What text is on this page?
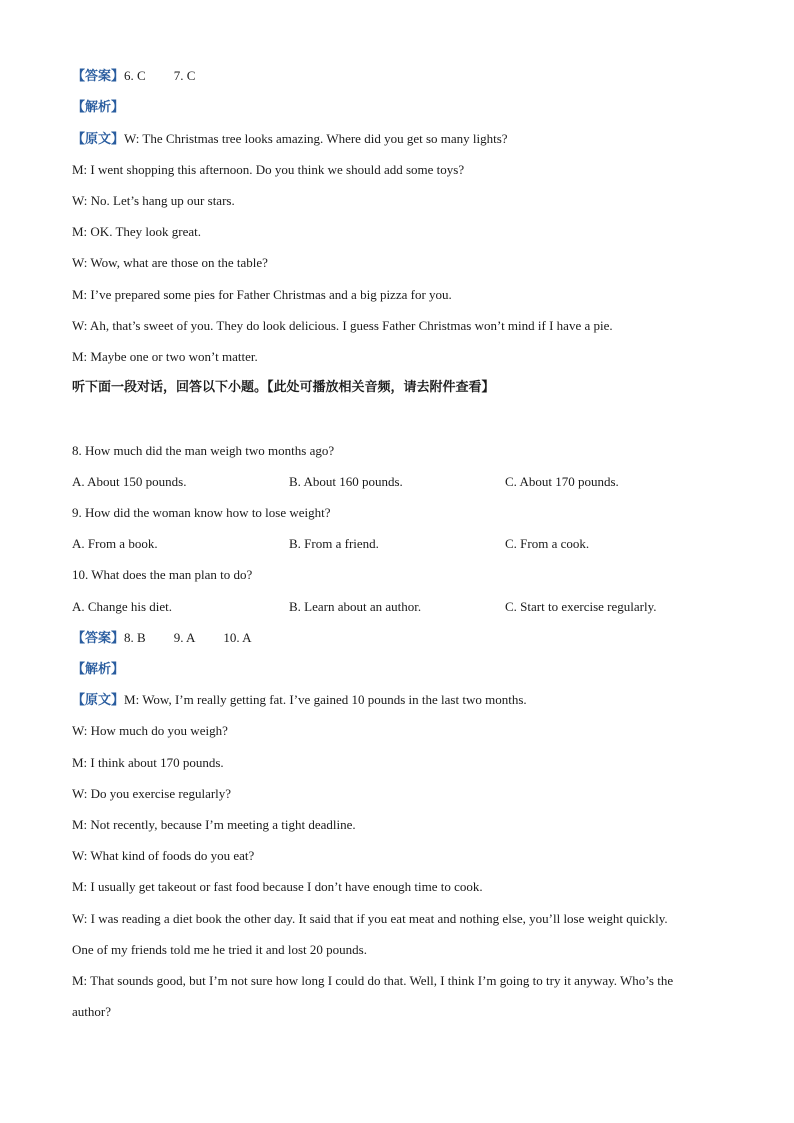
【答案】6. C 7. C
【解析】
【原文】W: The Christmas tree looks amazing. Where did you get so many lights?
M: I went shopping this afternoon. Do you think we should add some toys?
W: No. Let’s hang up our stars.
M: OK. They look great.
W: Wow, what are those on the table?
M: I’ve prepared some pies for Father Christmas and a big pizza for you.
W: Ah, that’s sweet of you. They do look delicious. I guess Father Christmas won’t mind if I have a pie.
M: Maybe one or two won’t matter.
听下面一段对话，回答以下小题。【此处可播放相关音频，请去附件查看】
8. How much did the man weigh two months ago?
A. About 150 pounds.	B. About 160 pounds.	C. About 170 pounds.
9. How did the woman know how to lose weight?
A. From a book.	B. From a friend.	C. From a cook.
10. What does the man plan to do?
A. Change his diet.	B. Learn about an author.	C. Start to exercise regularly.
【答案】8. B 9. A 10. A
【解析】
【原文】M: Wow, I’m really getting fat. I’ve gained 10 pounds in the last two months.
W: How much do you weigh?
M: I think about 170 pounds.
W: Do you exercise regularly?
M: Not recently, because I’m meeting a tight deadline.
W: What kind of foods do you eat?
M: I usually get takeout or fast food because I don’t have enough time to cook.
W: I was reading a diet book the other day. It said that if you eat meat and nothing else, you’ll lose weight quickly.
One of my friends told me he tried it and lost 20 pounds.
M: That sounds good, but I’m not sure how long I could do that. Well, I think I’m going to try it anyway. Who’s the
author?
